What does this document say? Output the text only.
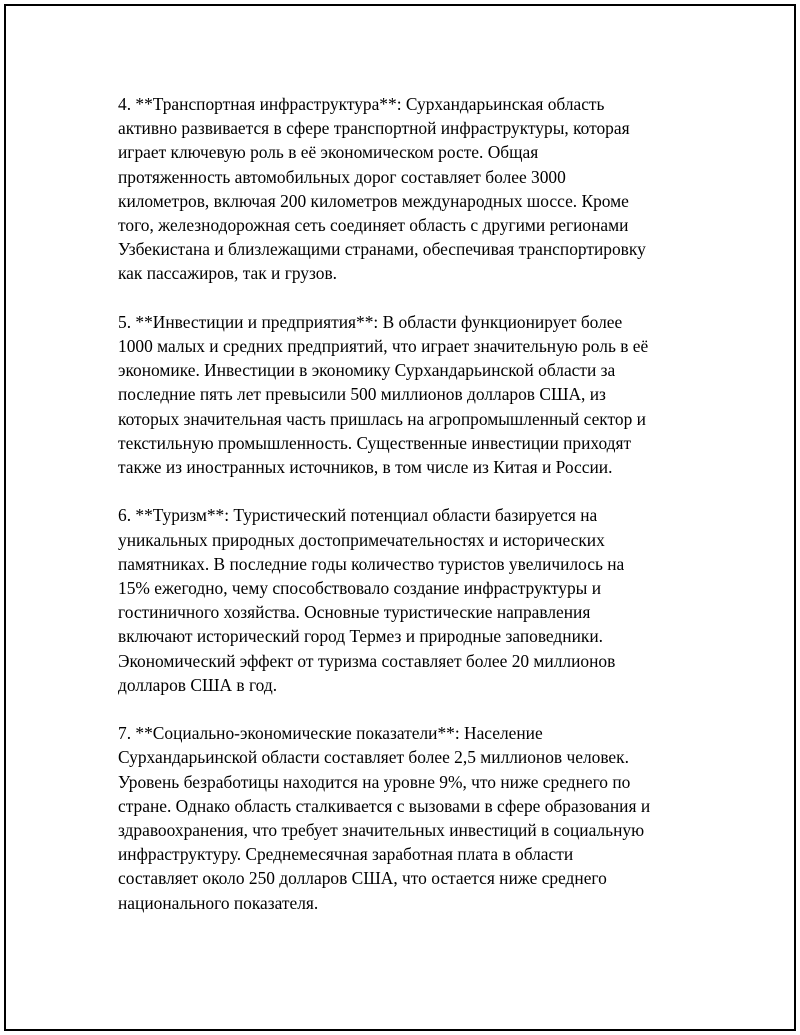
4. **Транспортная инфраструктура**: Сурхандарьинская область
активно развивается в сфере транспортной инфраструктуры, которая
играет ключевую роль в её экономическом росте. Общая
протяженность автомобильных дорог составляет более 3000
километров, включая 200 километров международных шоссе. Кроме
того, железнодорожная сеть соединяет область с другими регионами
Узбекистана и близлежащими странами, обеспечивая транспортировку
как пассажиров, так и грузов.

5. **Инвестиции и предприятия**: В области функционирует более
1000 малых и средних предприятий, что играет значительную роль в её
экономике. Инвестиции в экономику Сурхандарьинской области за
последние пять лет превысили 500 миллионов долларов США, из
которых значительная часть пришлась на агропромышленный сектор и
текстильную промышленность. Существенные инвестиции приходят
также из иностранных источников, в том числе из Китая и России.

6. **Туризм**: Туристический потенциал области базируется на
уникальных природных достопримечательностях и исторических
памятниках. В последние годы количество туристов увеличилось на
15% ежегодно, чему способствовало создание инфраструктуры и
гостиничного хозяйства. Основные туристические направления
включают исторический город Термез и природные заповедники.
Экономический эффект от туризма составляет более 20 миллионов
долларов США в год.

7. **Социально-экономические показатели**: Население
Сурхандарьинской области составляет более 2,5 миллионов человек.
Уровень безработицы находится на уровне 9%, что ниже среднего по
стране. Однако область сталкивается с вызовами в сфере образования и
здравоохранения, что требует значительных инвестиций в социальную
инфраструктуру. Среднемесячная заработная плата в области
составляет около 250 долларов США, что остается ниже среднего
национального показателя.
